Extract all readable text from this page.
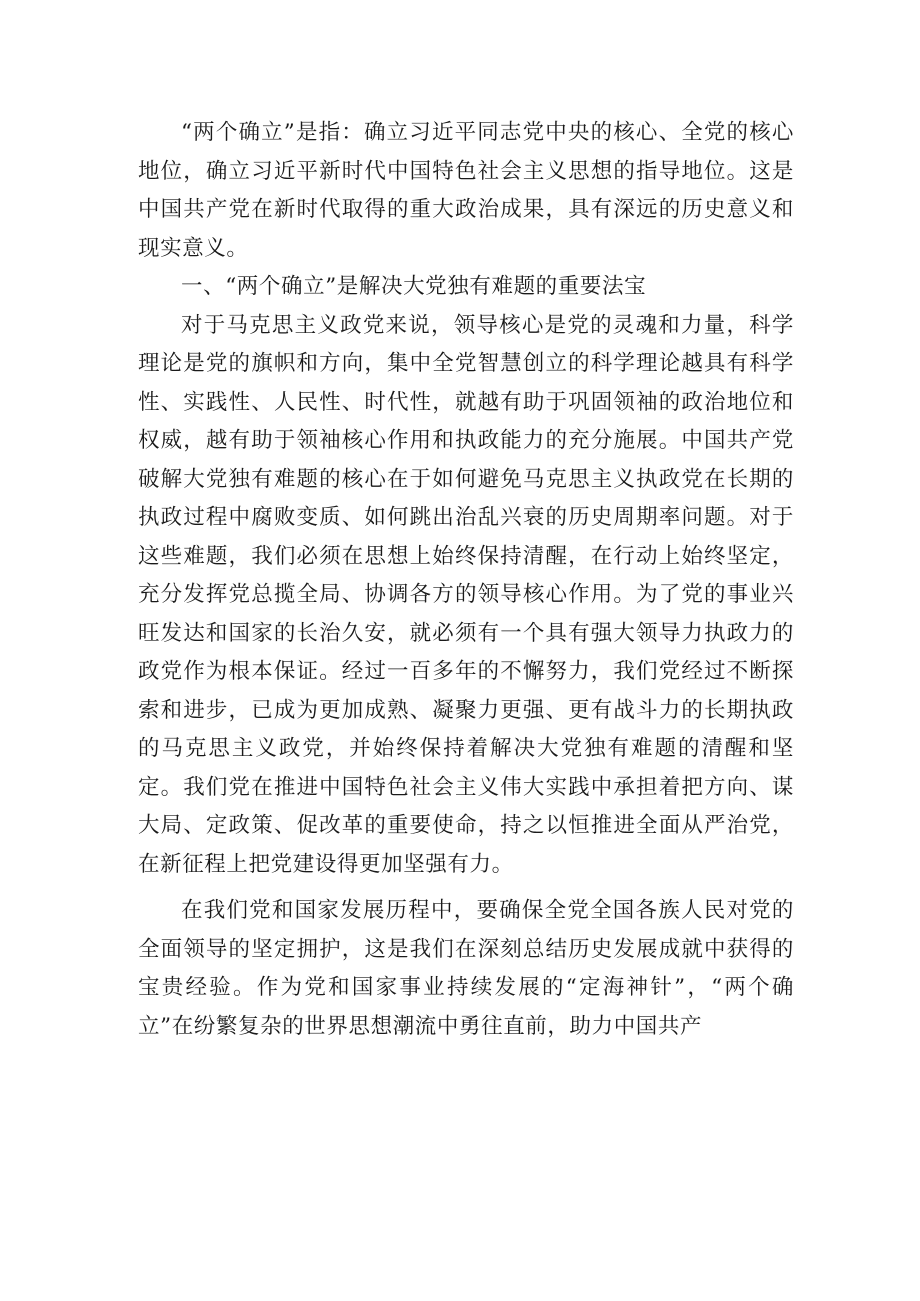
“两个确立”是指：确立习近平同志党中央的核心、全党的核心地位，确立习近平新时代中国特色社会主义思想的指导地位。这是中国共产党在新时代取得的重大政治成果，具有深远的历史意义和现实意义。

一、“两个确立”是解决大党独有难题的重要法宝

对于马克思主义政党来说，领导核心是党的灵魂和力量，科学理论是党的旗帜和方向，集中全党智慧创立的科学理论越具有科学性、实践性、人民性、时代性，就越有助于巩固领袖的政治地位和权威，越有助于领袖核心作用和执政能力的充分施展。中国共产党破解大党独有难题的核心在于如何避免马克思主义执政党在长期的执政过程中腐败变质、如何跳出治乱兴衰的历史周期率问题。对于这些难题，我们必须在思想上始终保持清醒，在行动上始终坚定，充分发挥党总揽全局、协调各方的领导核心作用。为了党的事业兴旺发达和国家的长治久安，就必须有一个具有强大领导力执政力的政党作为根本保证。经过一百多年的不懈努力，我们党经过不断探索和进步，已成为更加成熟、凝聚力更强、更有战斗力的长期执政的马克思主义政党，并始终保持着解决大党独有难题的清醒和坚定。我们党在推进中国特色社会主义伟大实践中承担着把方向、谋大局、定政策、促改革的重要使命，持之以恒推进全面从严治党，在新征程上把党建设得更加坚强有力。

在我们党和国家发展历程中，要确保全党全国各族人民对党的全面领导的坚定拥护，这是我们在深刻总结历史发展成就中获得的宝贵经验。作为党和国家事业持续发展的“定海神针”，“两个确立”在纷繁复杂的世界思想潮流中勇往直前，助力中国共产
